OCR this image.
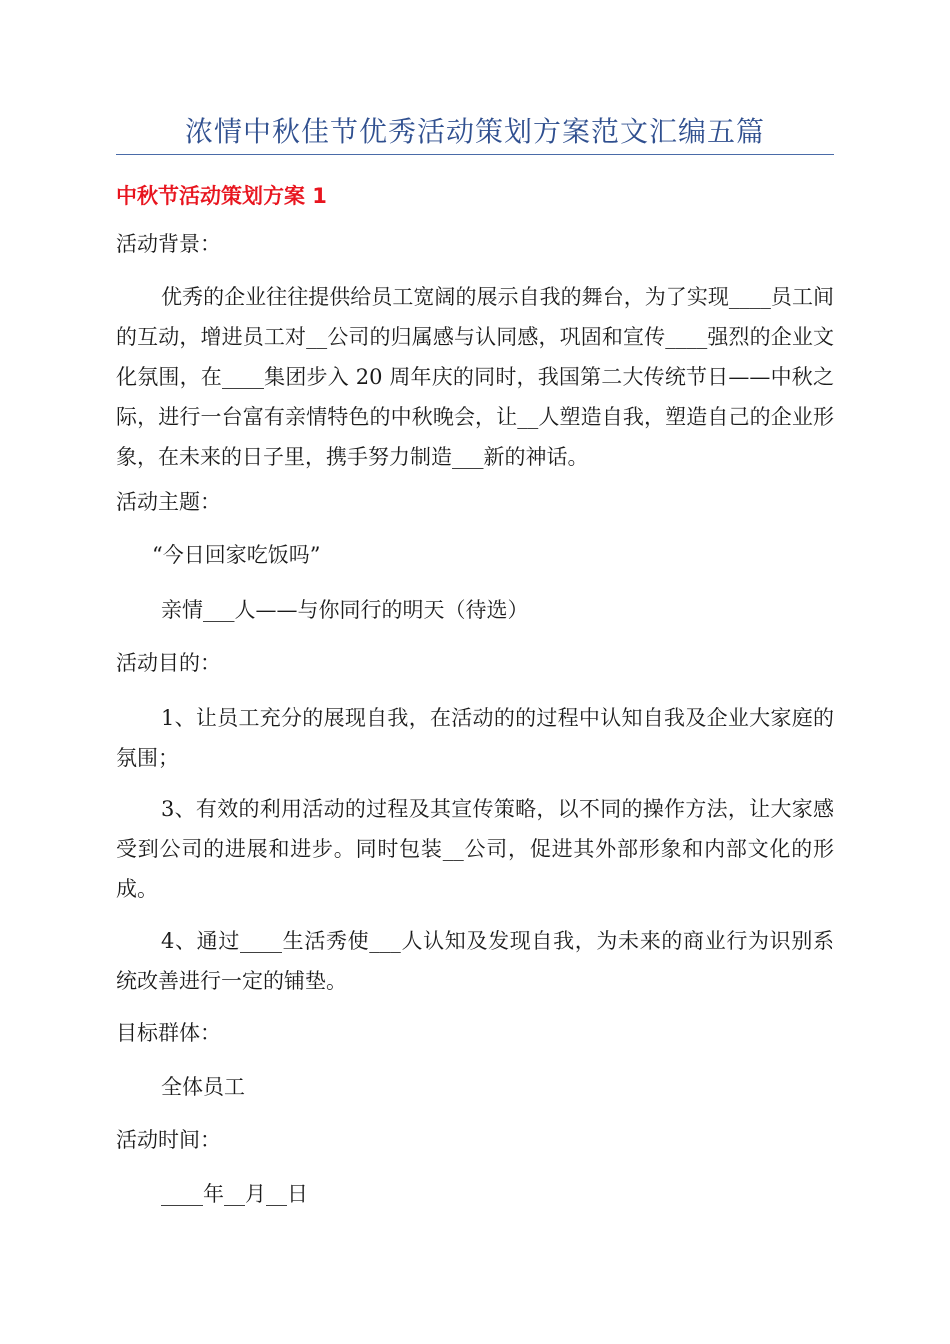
浓情中秋佳节优秀活动策划方案范文汇编五篇
中秋节活动策划方案 1
活动背景：
优秀的企业往往提供给员工宽阔的展示自我的舞台，为了实现____员工间的互动，增进员工对__公司的归属感与认同感，巩固和宣传____强烈的企业文化氛围，在____集团步入 20 周年庆的同时，我国第二大传统节日——中秋之际，进行一台富有亲情特色的中秋晚会，让__人塑造自我，塑造自己的企业形象，在未来的日子里，携手努力制造___新的神话。
活动主题：
“今日回家吃饭吗”
亲情___人——与你同行的明天（待选）
活动目的：
1、让员工充分的展现自我，在活动的的过程中认知自我及企业大家庭的氛围；
3、有效的利用活动的过程及其宣传策略，以不同的操作方法，让大家感受到公司的进展和进步。同时包装__公司，促进其外部形象和内部文化的形成。
4、通过____生活秀使___人认知及发现自我，为未来的商业行为识别系统改善进行一定的铺垫。
目标群体：
全体员工
活动时间：
____年__月__日
